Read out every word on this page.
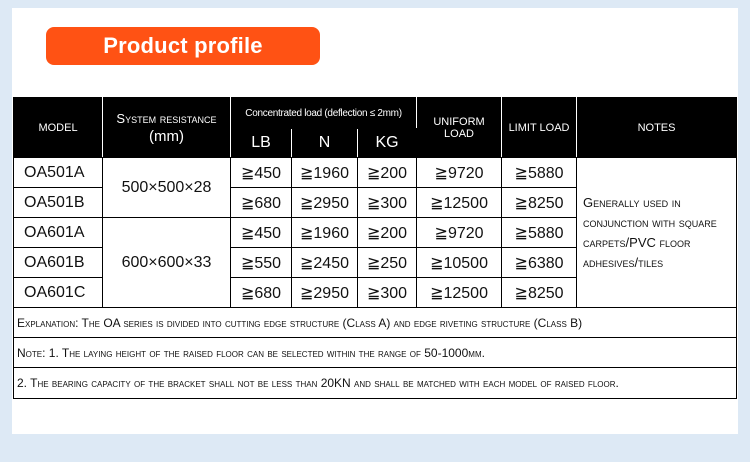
Product profile
MODEL	System resistance (mm)	Concentrated load (deflection ≤ 2mm)			UNIFORM LOAD	LIMIT LOAD	NOTES
		LB	N	KG			
OA501A	500×500×28	≧450	≧1960	≧200	≧9720	≧5880	Generally used in conjunction with square carpets/PVC floor adhesives/tiles
OA501B		≧680	≧2950	≧300	≧12500	≧8250	
OA601A	600×600×33	≧450	≧1960	≧200	≧9720	≧5880	
OA601B		≧550	≧2450	≧250	≧10500	≧6380	
OA601C		≧680	≧2950	≧300	≧12500	≧8250	
Explanation: The OA series is divided into cutting edge structure (Class A) and edge riveting structure (Class B)							
Note: 1. The laying height of the raised floor can be selected within the range of 50-1000mm.							
2. The bearing capacity of the bracket shall not be less than 20KN and shall be matched with each model of raised floor.							
